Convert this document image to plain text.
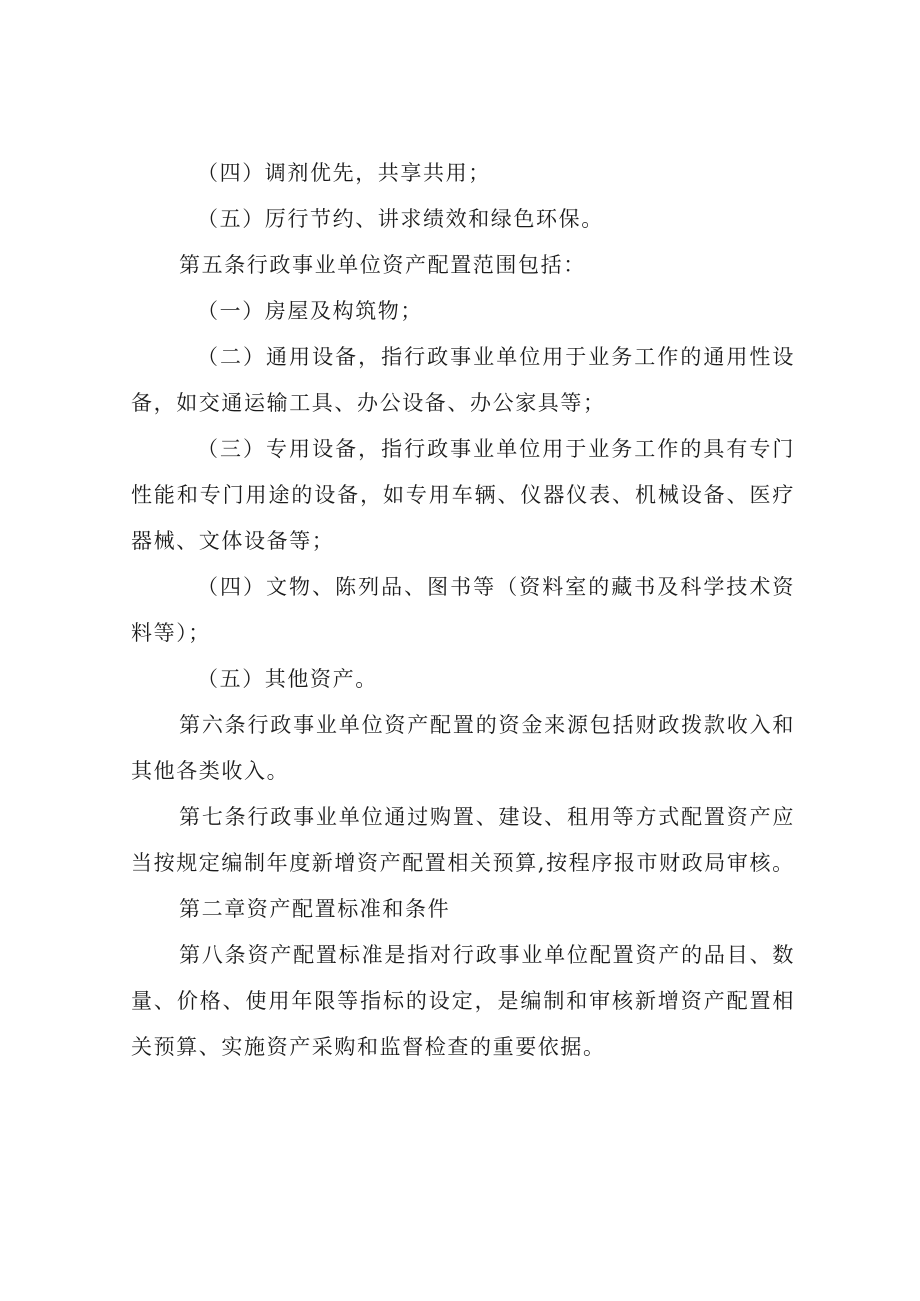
（四）调剂优先，共享共用；

（五）厉行节约、讲求绩效和绿色环保。

第五条行政事业单位资产配置范围包括：

（一）房屋及构筑物；

（二）通用设备，指行政事业单位用于业务工作的通用性设备，如交通运输工具、办公设备、办公家具等；

（三）专用设备，指行政事业单位用于业务工作的具有专门性能和专门用途的设备，如专用车辆、仪器仪表、机械设备、医疗器械、文体设备等；

（四）文物、陈列品、图书等（资料室的藏书及科学技术资料等）；

（五）其他资产。

第六条行政事业单位资产配置的资金来源包括财政拨款收入和其他各类收入。

第七条行政事业单位通过购置、建设、租用等方式配置资产应当按规定编制年度新增资产配置相关预算,按程序报市财政局审核。

第二章资产配置标准和条件

第八条资产配置标准是指对行政事业单位配置资产的品目、数量、价格、使用年限等指标的设定，是编制和审核新增资产配置相关预算、实施资产采购和监督检查的重要依据。
